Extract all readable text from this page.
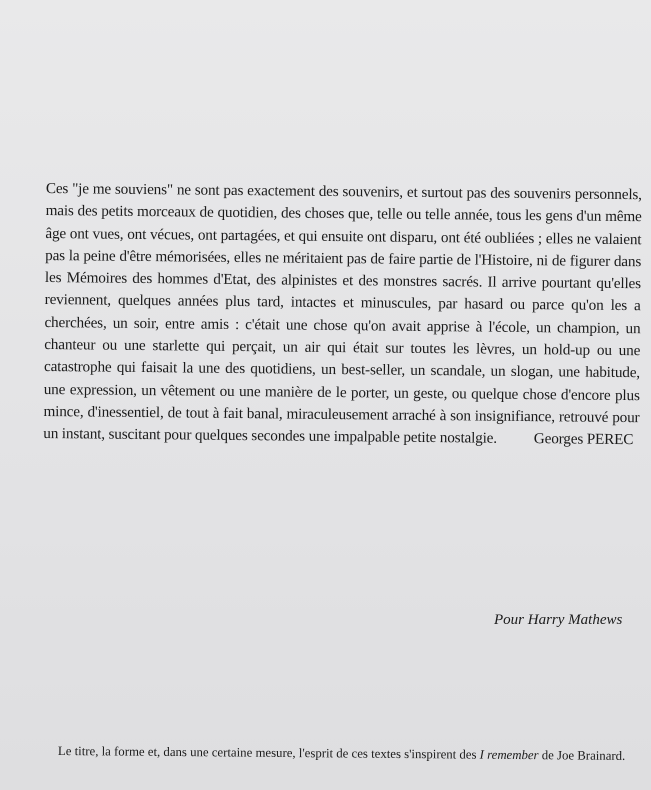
Ces "je me souviens" ne sont pas exactement des souvenirs, et surtout pas des souvenirs personnels, mais des petits morceaux de quotidien, des choses que, telle ou telle année, tous les gens d'un même âge ont vues, ont vécues, ont partagées, et qui ensuite ont disparu, ont été oubliées ; elles ne valaient pas la peine d'être mémorisées, elles ne méritaient pas de faire partie de l'Histoire, ni de figurer dans les Mémoires des hommes d'Etat, des alpinistes et des monstres sacrés. Il arrive pourtant qu'elles reviennent, quelques années plus tard, intactes et minuscules, par hasard ou parce qu'on les a cherchées, un soir, entre amis : c'était une chose qu'on avait apprise à l'école, un champion, un chanteur ou une starlette qui perçait, un air qui était sur toutes les lèvres, un hold-up ou une catastrophe qui faisait la une des quotidiens, un best-seller, un scandale, un slogan, une habitude, une expression, un vêtement ou une manière de le porter, un geste, ou quelque chose d'encore plus mince, d'inessentiel, de tout à fait banal, miraculeusement arraché à son insignifiance, retrouvé pour un instant, suscitant pour quelques secondes une impalpable petite nostalgie. Georges PEREC

Pour Harry Mathews

Le titre, la forme et, dans une certaine mesure, l'esprit de ces textes s'inspirent des I remember de Joe Brainard.
